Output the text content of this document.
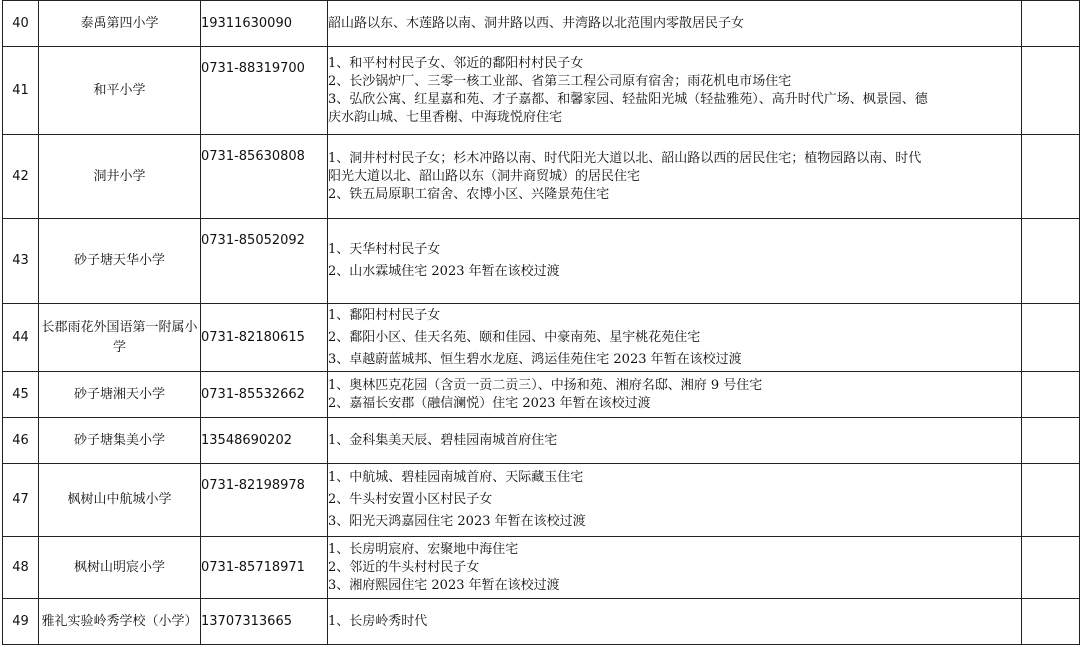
40	泰禹第四小学	19311630090	韶山路以东、木莲路以南、洞井路以西、井湾路以北范围内零散居民子女	

41	和平小学	0731-88319700	1、和平村村民子女、邻近的鄱阳村村民子女
2、长沙锅炉厂、三零一核工业部、省第三工程公司原有宿舍；雨花机电市场住宅
3、弘欣公寓、红星嘉和苑、才子嘉都、和馨家园、轻盐阳光城（轻盐雅苑）、高升时代广场、枫景园、德
庆水韵山城、七里香榭、中海珑悦府住宅	

42	洞井小学	0731-85630808	1、洞井村村民子女；杉木冲路以南、时代阳光大道以北、韶山路以西的居民住宅；植物园路以南、时代
阳光大道以北、韶山路以东（洞井商贸城）的居民住宅
2、铁五局原职工宿舍、农博小区、兴隆景苑住宅	

43	砂子塘天华小学	0731-85052092	1、天华村村民子女
2、山水霖城住宅 2023 年暂在该校过渡	

44	长郡雨花外国语第一附属小学	0731-82180615	1、鄱阳村村民子女
2、鄱阳小区、佳天名苑、颐和佳园、中豪南苑、星宇桃花苑住宅
3、卓越蔚蓝城邦、恒生碧水龙庭、鸿运佳苑住宅 2023 年暂在该校过渡	

45	砂子塘湘天小学	0731-85532662	1、奥林匹克花园（含贡一贡二贡三）、中扬和苑、湘府名邸、湘府 9 号住宅
2、嘉福长安郡（融信澜悦）住宅 2023 年暂在该校过渡	

46	砂子塘集美小学	13548690202	1、金科集美天辰、碧桂园南城首府住宅	

47	枫树山中航城小学	0731-82198978	1、中航城、碧桂园南城首府、天际藏玉住宅
2、牛头村安置小区村民子女
3、阳光天鸿嘉园住宅 2023 年暂在该校过渡	

48	枫树山明宸小学	0731-85718971	1、长房明宸府、宏聚地中海住宅
2、邻近的牛头村村民子女
3、湘府熙园住宅 2023 年暂在该校过渡	

49	雅礼实验岭秀学校（小学）	13707313665	1、长房岭秀时代	
